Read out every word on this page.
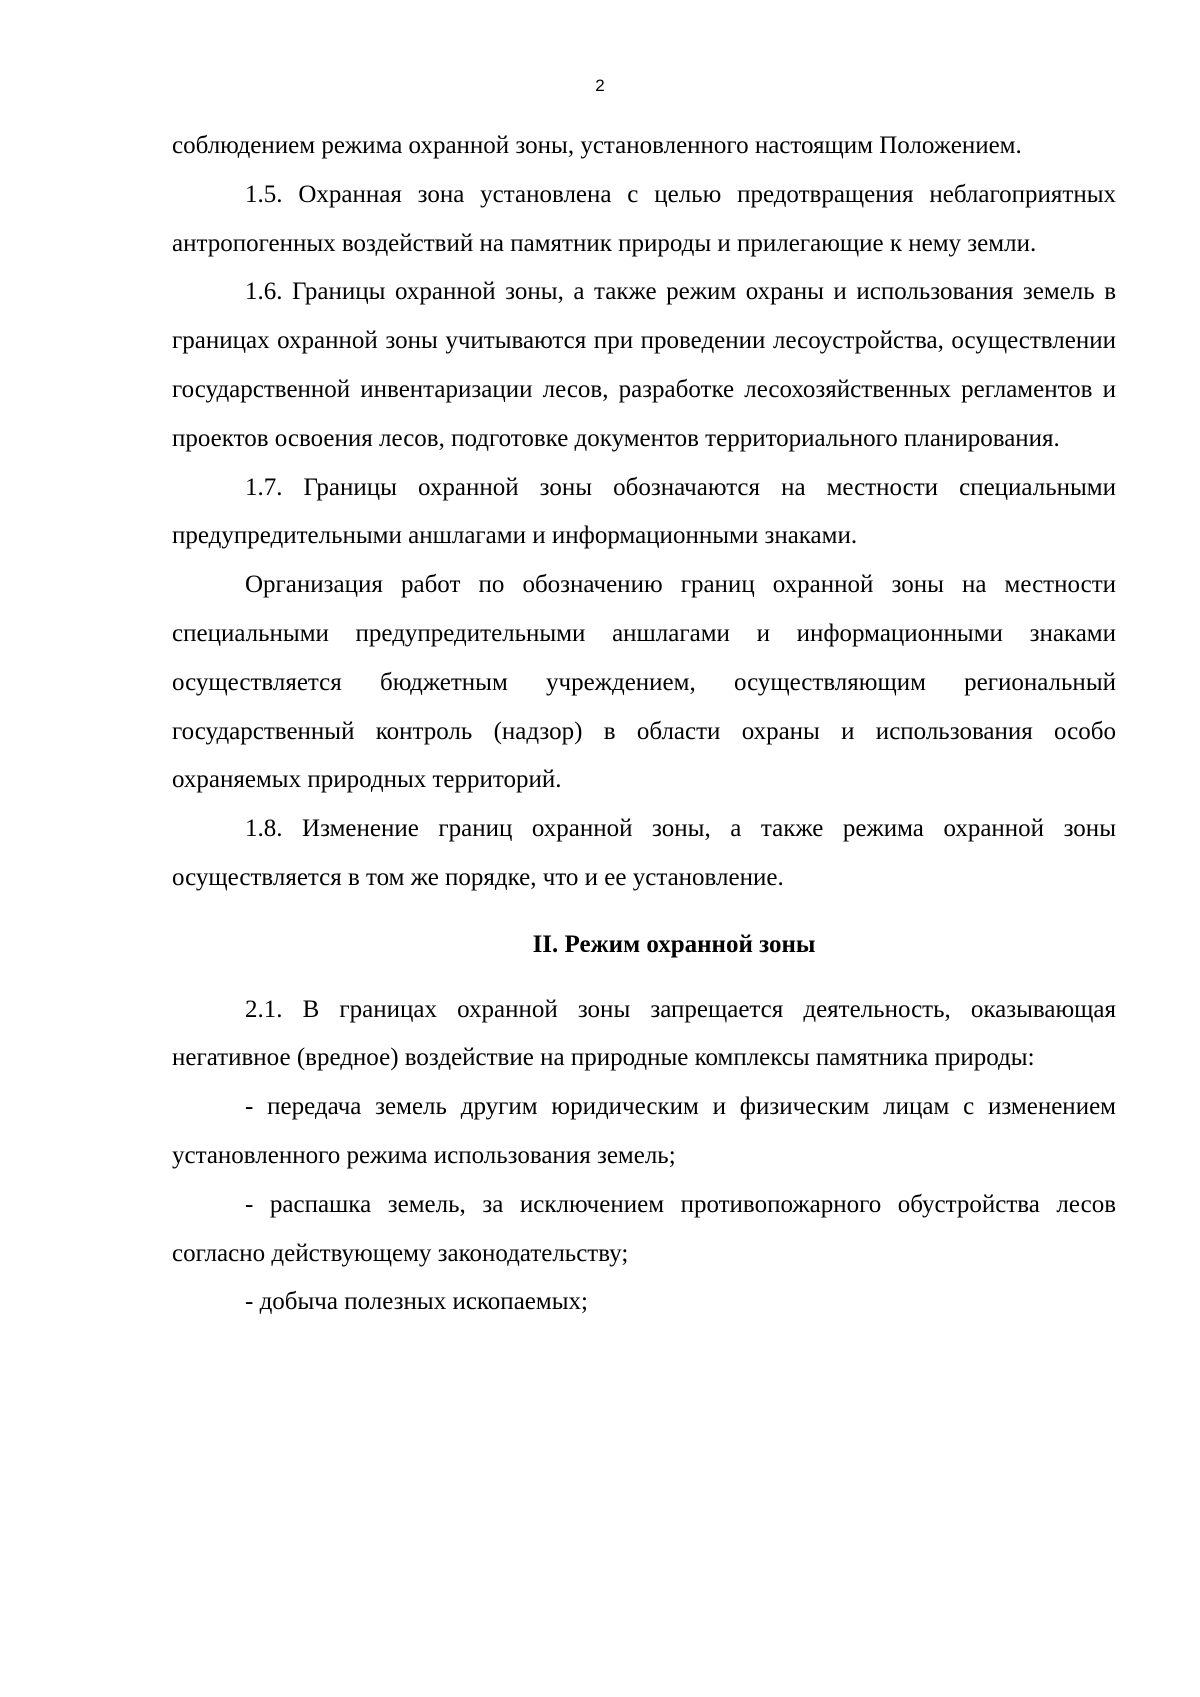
2

соблюдением режима охранной зоны, установленного настоящим Положением.

1.5. Охранная зона установлена с целью предотвращения неблагоприятных антропогенных воздействий на памятник природы и прилегающие к нему земли.

1.6. Границы охранной зоны, а также режим охраны и использования земель в границах охранной зоны учитываются при проведении лесоустройства, осуществлении государственной инвентаризации лесов, разработке лесохозяйственных регламентов и проектов освоения лесов, подготовке документов территориального планирования.

1.7. Границы охранной зоны обозначаются на местности специальными предупредительными аншлагами и информационными знаками.

Организация работ по обозначению границ охранной зоны на местности специальными предупредительными аншлагами и информационными знаками осуществляется бюджетным учреждением, осуществляющим региональный государственный контроль (надзор) в области охраны и использования особо охраняемых природных территорий.

1.8. Изменение границ охранной зоны, а также режима охранной зоны осуществляется в том же порядке, что и ее установление.

II. Режим охранной зоны

2.1. В границах охранной зоны запрещается деятельность, оказывающая негативное (вредное) воздействие на природные комплексы памятника природы:

- передача земель другим юридическим и физическим лицам с изменением установленного режима использования земель;

- распашка земель, за исключением противопожарного обустройства лесов согласно действующему законодательству;

- добыча полезных ископаемых;
